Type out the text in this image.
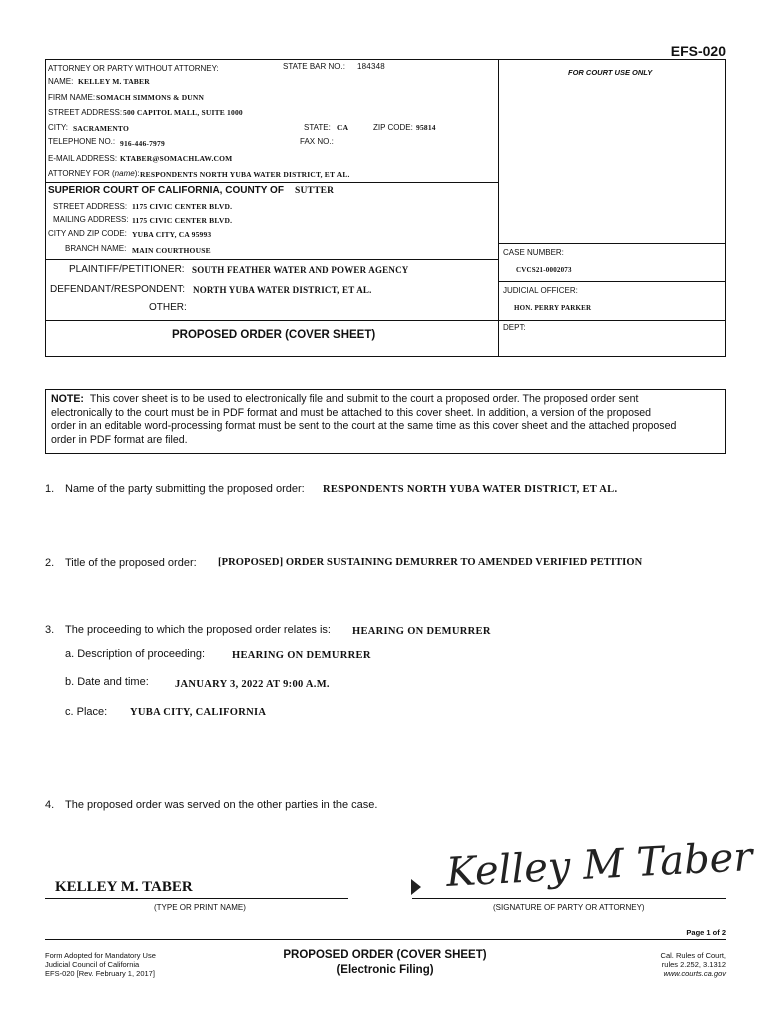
EFS-020
ATTORNEY OR PARTY WITHOUT ATTORNEY:	STATE BAR NO.: 184348
FOR COURT USE ONLY
NAME: KELLEY M. TABER
FIRM NAME: SOMACH SIMMONS & DUNN
STREET ADDRESS: 500 CAPITOL MALL, SUITE 1000
CITY: SACRAMENTO	STATE: CA	ZIP CODE: 95814
TELEPHONE NO.: 916-446-7979	FAX NO.:
E-MAIL ADDRESS: KTABER@SOMACHLAW.COM
ATTORNEY FOR (name): RESPONDENTS NORTH YUBA WATER DISTRICT, ET AL.
SUPERIOR COURT OF CALIFORNIA, COUNTY OF SUTTER
STREET ADDRESS: 1175 CIVIC CENTER BLVD.
MAILING ADDRESS: 1175 CIVIC CENTER BLVD.
CITY AND ZIP CODE: YUBA CITY, CA 95993
BRANCH NAME: MAIN COURTHOUSE
PLAINTIFF/PETITIONER: SOUTH FEATHER WATER AND POWER AGENCY
DEFENDANT/RESPONDENT: NORTH YUBA WATER DISTRICT, ET AL.
OTHER:
CASE NUMBER:
CVCS21-0002073
JUDICIAL OFFICER:
HON. PERRY PARKER
DEPT:
PROPOSED ORDER (COVER SHEET)
NOTE: This cover sheet is to be used to electronically file and submit to the court a proposed order. The proposed order sent
electronically to the court must be in PDF format and must be attached to this cover sheet. In addition, a version of the proposed
order in an editable word-processing format must be sent to the court at the same time as this cover sheet and the attached proposed
order in PDF format are filed.
1. Name of the party submitting the proposed order: RESPONDENTS NORTH YUBA WATER DISTRICT, ET AL.
2. Title of the proposed order: [PROPOSED] ORDER SUSTAINING DEMURRER TO AMENDED VERIFIED PETITION
3. The proceeding to which the proposed order relates is: HEARING ON DEMURRER
a. Description of proceeding:	HEARING ON DEMURRER
b. Date and time: JANUARY 3, 2022 AT 9:00 A.M.
c. Place: YUBA CITY, CALIFORNIA
4. The proposed order was served on the other parties in the case.
KELLEY M. TABER
(TYPE OR PRINT NAME)
Kelley M Taber
(SIGNATURE OF PARTY OR ATTORNEY)
Page 1 of 2
Form Adopted for Mandatory Use
Judicial Council of California
EFS-020 [Rev. February 1, 2017]
PROPOSED ORDER (COVER SHEET)
(Electronic Filing)
Cal. Rules of Court,
rules 2.252, 3.1312
www.courts.ca.gov
